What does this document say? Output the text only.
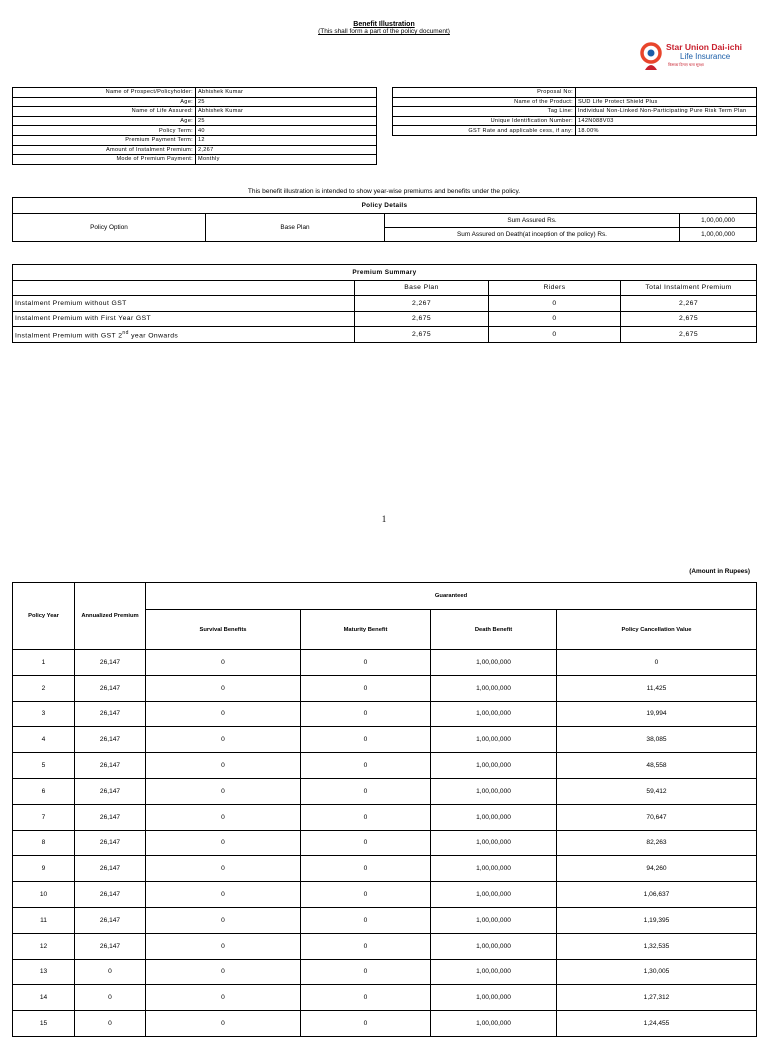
Benefit Illustration
(This shall form a part of the policy document)
Star Union Dai-ichi
Life Insurance
किसका दिमाग़ चला सुरक्षा
Name of Prospect/Policyholder:	Abhishek Kumar
Age:	25
Name of Life Assured:	Abhishek Kumar
Age:	25
Policy Term:	40
Premium Payment Term:	12
Amount of Instalment Premium:	2,267
Mode of Premium Payment:	Monthly
Proposal No:	
Name of the Product:	SUD Life Protect Shield Plus
Tag Line:	Individual Non-Linked Non-Participating Pure Risk Term Plan
Unique Identification Number:	142N088V03
GST Rate and applicable cess, if any:	18.00%
This benefit illustration is intended to show year-wise premiums and benefits under the policy.
Policy Details			
Policy Option	Base Plan	Sum Assured Rs.	1,00,00,000
		Sum Assured on Death(at inception of the policy) Rs.	1,00,00,000
Premium Summary			
	Base Plan	Riders	Total Instalment Premium
Instalment Premium without GST	2,267	0	2,267
Instalment Premium with First Year GST	2,675	0	2,675
Instalment Premium with GST 2nd year Onwards	2,675	0	2,675
1
(Amount in Rupees)
Policy Year	Annualized Premium	Guaranteed			
		Survival Benefits	Maturity Benefit	Death Benefit	Policy Cancellation Value
1	26,147	0	0	1,00,00,000	0
2	26,147	0	0	1,00,00,000	11,425
3	26,147	0	0	1,00,00,000	19,994
4	26,147	0	0	1,00,00,000	38,085
5	26,147	0	0	1,00,00,000	48,558
6	26,147	0	0	1,00,00,000	59,412
7	26,147	0	0	1,00,00,000	70,647
8	26,147	0	0	1,00,00,000	82,263
9	26,147	0	0	1,00,00,000	94,260
10	26,147	0	0	1,00,00,000	1,06,637
11	26,147	0	0	1,00,00,000	1,19,395
12	26,147	0	0	1,00,00,000	1,32,535
13	0	0	0	1,00,00,000	1,30,005
14	0	0	0	1,00,00,000	1,27,312
15	0	0	0	1,00,00,000	1,24,455
